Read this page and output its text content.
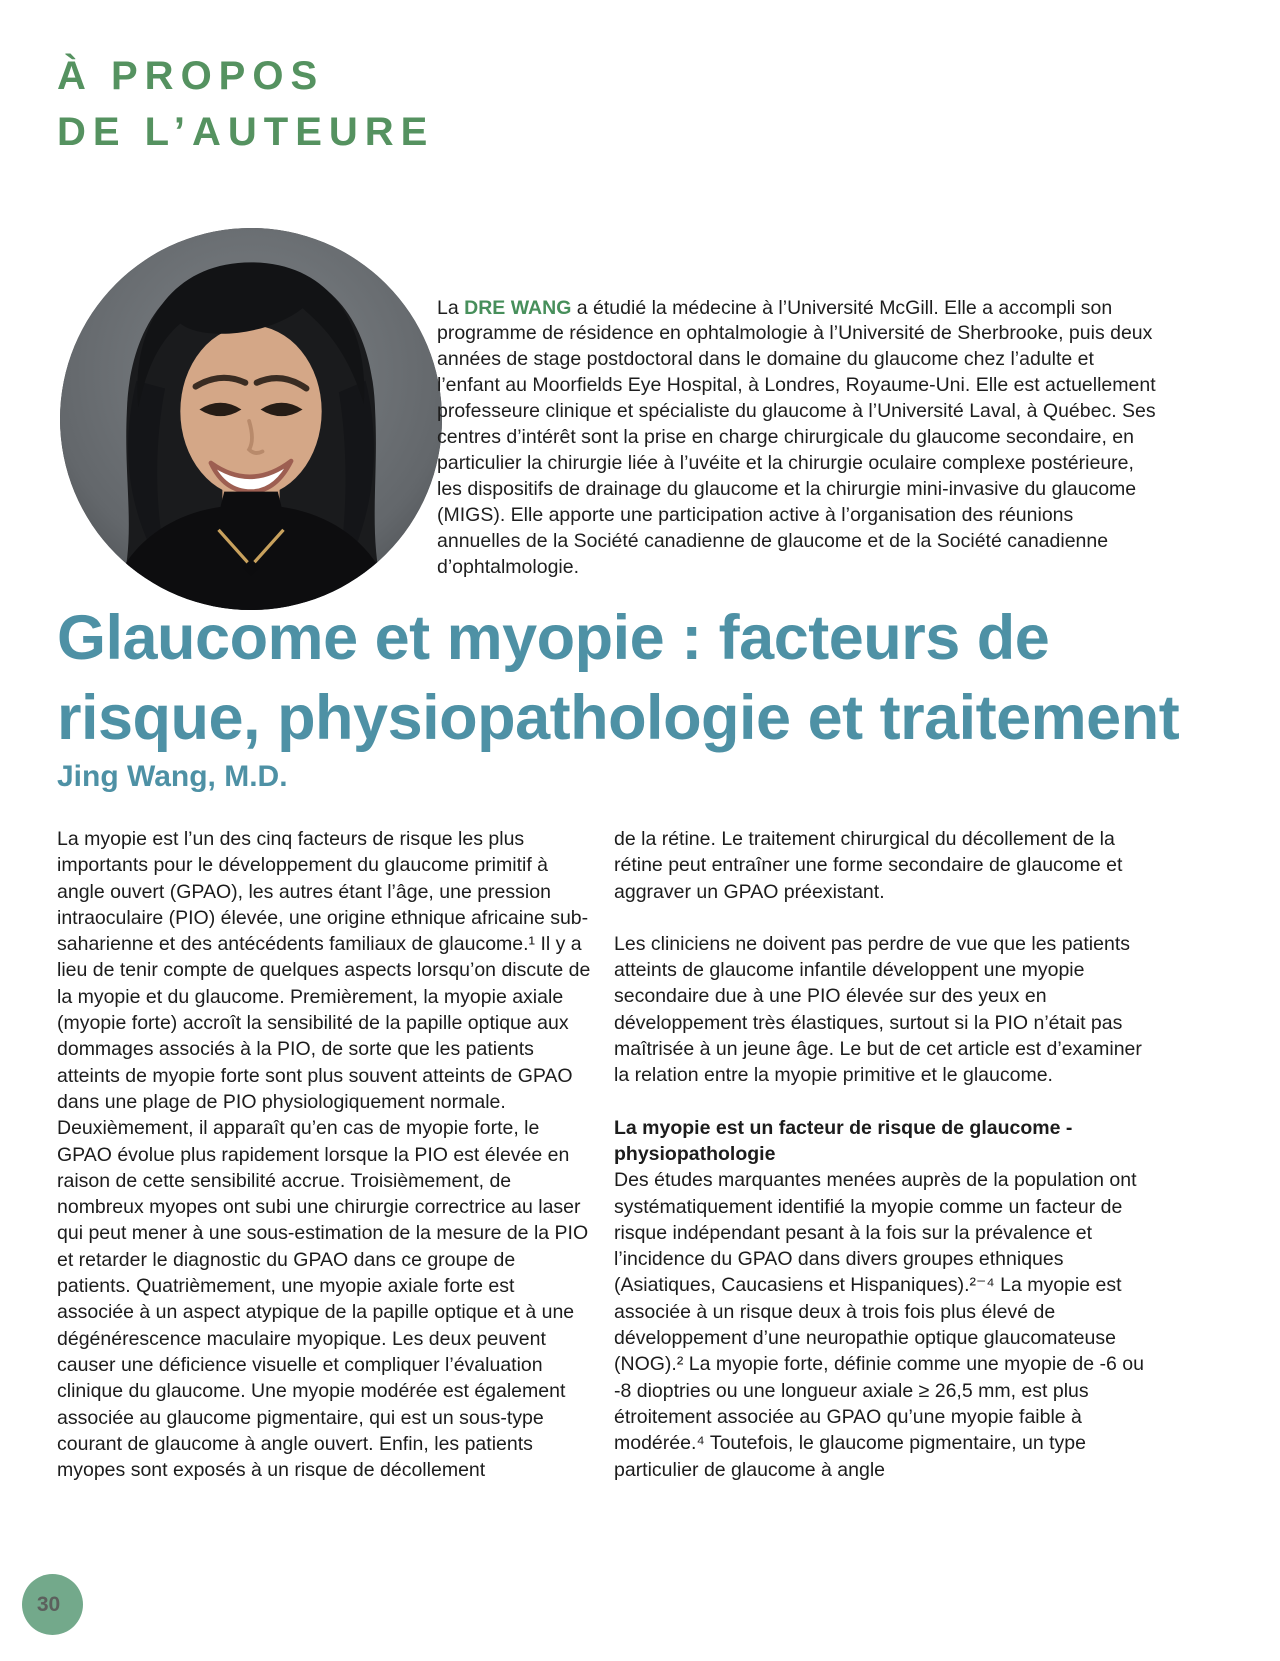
À PROPOS
DE L’AUTEURE

La DRE WANG a étudié la médecine à l’Université McGill. Elle a accompli son programme de résidence en ophtalmologie à l’Université de Sherbrooke, puis deux années de stage postdoctoral dans le domaine du glaucome chez l’adulte et l’enfant au Moorfields Eye Hospital, à Londres, Royaume-Uni. Elle est actuellement professeure clinique et spécialiste du glaucome à l’Université Laval, à Québec. Ses centres d’intérêt sont la prise en charge chirurgicale du glaucome secondaire, en particulier la chirurgie liée à l’uvéite et la chirurgie oculaire complexe postérieure, les dispositifs de drainage du glaucome et la chirurgie mini-invasive du glaucome (MIGS). Elle apporte une participation active à l’organisation des réunions annuelles de la Société canadienne de glaucome et de la Société canadienne d’ophtalmologie.

Glaucome et myopie : facteurs de
risque, physiopathologie et traitement
Jing Wang, M.D.

La myopie est l’un des cinq facteurs de risque les plus importants pour le développement du glaucome primitif à angle ouvert (GPAO), les autres étant l’âge, une pression intraoculaire (PIO) élevée, une origine ethnique africaine sub-saharienne et des antécédents familiaux de glaucome.¹ Il y a lieu de tenir compte de quelques aspects lorsqu’on discute de la myopie et du glaucome. Premièrement, la myopie axiale (myopie forte) accroît la sensibilité de la papille optique aux dommages associés à la PIO, de sorte que les patients atteints de myopie forte sont plus souvent atteints de GPAO dans une plage de PIO physiologiquement normale. Deuxièmement, il apparaît qu’en cas de myopie forte, le GPAO évolue plus rapidement lorsque la PIO est élevée en raison de cette sensibilité accrue. Troisièmement, de nombreux myopes ont subi une chirurgie correctrice au laser qui peut mener à une sous-estimation de la mesure de la PIO et retarder le diagnostic du GPAO dans ce groupe de patients. Quatrièmement, une myopie axiale forte est associée à un aspect atypique de la papille optique et à une dégénérescence maculaire myopique. Les deux peuvent causer une déficience visuelle et compliquer l’évaluation clinique du glaucome. Une myopie modérée est également associée au glaucome pigmentaire, qui est un sous-type courant de glaucome à angle ouvert. Enfin, les patients myopes sont exposés à un risque de décollement

de la rétine. Le traitement chirurgical du décollement de la rétine peut entraîner une forme secondaire de glaucome et aggraver un GPAO préexistant.

Les cliniciens ne doivent pas perdre de vue que les patients atteints de glaucome infantile développent une myopie secondaire due à une PIO élevée sur des yeux en développement très élastiques, surtout si la PIO n’était pas maîtrisée à un jeune âge. Le but de cet article est d’examiner la relation entre la myopie primitive et le glaucome.

La myopie est un facteur de risque de glaucome - physiopathologie

Des études marquantes menées auprès de la population ont systématiquement identifié la myopie comme un facteur de risque indépendant pesant à la fois sur la prévalence et l’incidence du GPAO dans divers groupes ethniques (Asiatiques, Caucasiens et Hispaniques).²⁻⁴ La myopie est associée à un risque deux à trois fois plus élevé de développement d’une neuropathie optique glaucomateuse (NOG).² La myopie forte, définie comme une myopie de -6 ou -8 dioptries ou une longueur axiale ≥ 26,5 mm, est plus étroitement associée au GPAO qu’une myopie faible à modérée.⁴ Toutefois, le glaucome pigmentaire, un type particulier de glaucome à angle

30
